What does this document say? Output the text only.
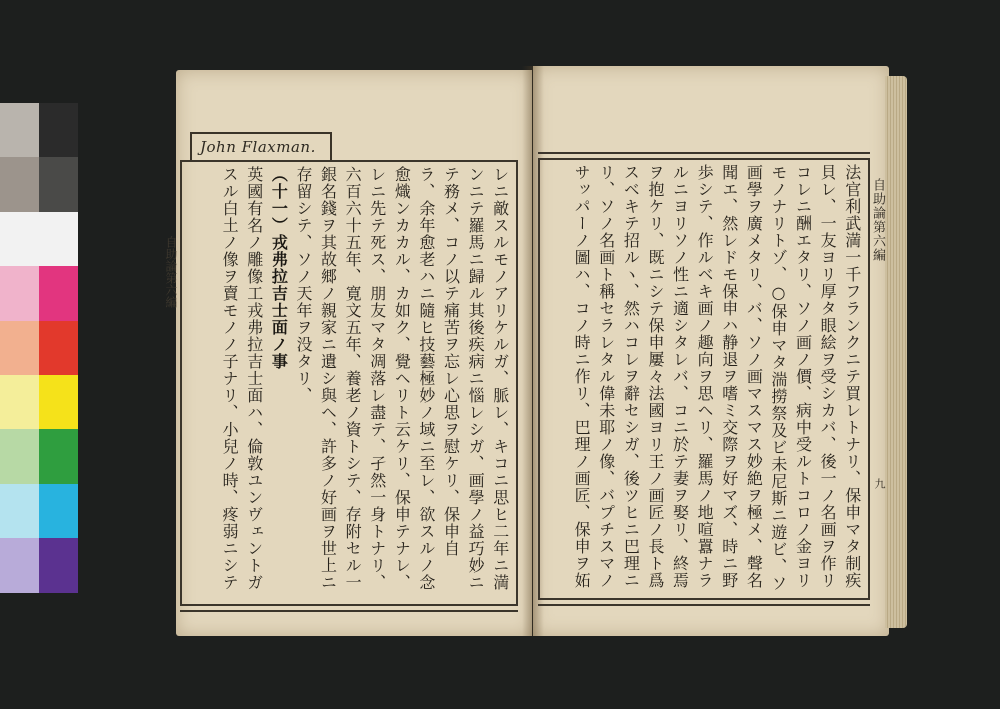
自助論第六編
John Flaxman.
レニ敵スルモノアリケルガ、脈レ、キコニ思ヒ二年ニ満
ンニテ羅馬ニ歸ル其後疾病ニ惱レシガ、画學ノ益巧妙ニ
テ務メ、コノ以テ痛苦ヲ忘レ心思ヲ慰ケリ、保申自
ラ、余年愈老ハニ隨ヒ技藝極妙ノ域ニ至レ、欲スルノ念
愈熾ンカカル、カ如ク、覺ヘリト云ケリ、保申テナレ、
レニ先テ死ス、朋友マタ凋落レ盡テ、孑然一身トナリ、
六百六十五年、寛文五年、養老ノ資トシテ、存附セル一
銀名錢ヲ其故郷ノ親家ニ遺シ與ヘ、許多ノ好画ヲ世上ニ
存留シテ、ソノ天年ヲ没タリ、
（十一）戎弗拉吉士面ノ事
英國有名ノ雕像工戎弗拉吉士面ハ、倫敦ユンヴェントガ
スル白土ノ像ヲ賣モノノ子ナリ、小兒ノ時、疼弱ニシテ
法官利武満一千フランクニテ買レトナリ、保申マタ制疾
貝レ、一友ヨリ厚タ眼絵ヲ受シカバ、後一ノ名画ヲ作リ
コレニ酬エタリ、ソノ画ノ價、病中受ルトコロノ金ヨリ
モノナリトゾ、○保申マタ湍撈祭及ビ未尼斯ニ遊ビ、ソ
画學ヲ廣メタリ、バ、ソノ画マスマス妙絶ヲ極メ、聲名
聞エ、然レドモ保申ハ静退ヲ嗜ミ交際ヲ好マズ、時ニ野
歩シテ、作ルベキ画ノ趣向ヲ思ヘリ、羅馬ノ地喧囂ナラ
ルニヨリソノ性ニ適シタレバ、コニ於テ妻ヲ娶リ、終焉
ヲ抱ケリ、既ニシテ保申屢々法國ヨリ王ノ画匠ノ長ト爲
スベキテ招ルヽ、然ハコレヲ辭セシガ、後ツヒニ巴理ニ
リ、ソノ名画ト稱セラレタル偉未耶ノ像、バプチスマノ
サッパーノ圖ハ、コノ時ニ作リ、巴理ノ画匠、保申ヲ妬
自助論第六編
九
